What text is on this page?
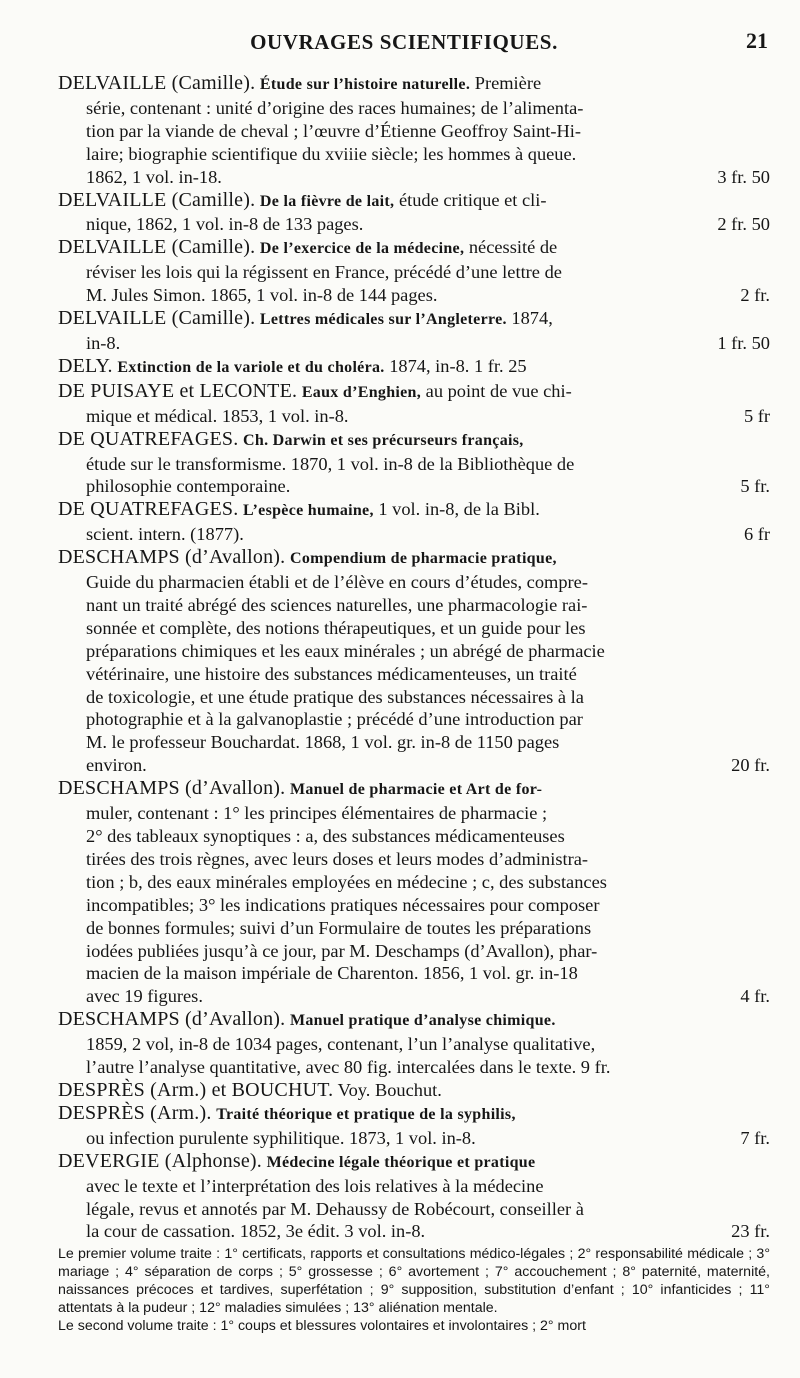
OUVRAGES SCIENTIFIQUES.	21
DELVAILLE (Camille). Étude sur l’histoire naturelle. Première
série, contenant : unité d’origine des races humaines; de l’alimenta-
tion par la viande de cheval ; l’œuvre d’Étienne Geoffroy Saint-Hi-
laire; biographie scientifique du xviiie siècle; les hommes à queue.
1862, 1 vol. in-18.	3 fr. 50
DELVAILLE (Camille). De la fièvre de lait, étude critique et cli-
nique, 1862, 1 vol. in-8 de 133 pages.	2 fr. 50
DELVAILLE (Camille). De l’exercice de la médecine, nécessité de
réviser les lois qui la régissent en France, précédé d’une lettre de
M. Jules Simon. 1865, 1 vol. in-8 de 144 pages.	2 fr.
DELVAILLE (Camille). Lettres médicales sur l’Angleterre. 1874,
in-8.	1 fr. 50
DELY. Extinction de la variole et du choléra. 1874, in-8. 1 fr. 25
DE PUISAYE et LECONTE. Eaux d’Enghien, au point de vue chi-
mique et médical. 1853, 1 vol. in-8.	5 fr
DE QUATREFAGES. Ch. Darwin et ses précurseurs français,
étude sur le transformisme. 1870, 1 vol. in-8 de la Bibliothèque de
philosophie contemporaine.	5 fr.
DE QUATREFAGES. L’espèce humaine, 1 vol. in-8, de la Bibl.
scient. intern. (1877).	6 fr
DESCHAMPS (d’Avallon). Compendium de pharmacie pratique,
Guide du pharmacien établi et de l’élève en cours d’études, compre-
nant un traité abrégé des sciences naturelles, une pharmacologie rai-
sonnée et complète, des notions thérapeutiques, et un guide pour les
préparations chimiques et les eaux minérales ; un abrégé de pharmacie
vétérinaire, une histoire des substances médicamenteuses, un traité
de toxicologie, et une étude pratique des substances nécessaires à la
photographie et à la galvanoplastie ; précédé d’une introduction par
M. le professeur Bouchardat. 1868, 1 vol. gr. in-8 de 1150 pages
environ.	20 fr.
DESCHAMPS (d’Avallon). Manuel de pharmacie et Art de for-
muler, contenant : 1° les principes élémentaires de pharmacie ;
2° des tableaux synoptiques : a, des substances médicamenteuses
tirées des trois règnes, avec leurs doses et leurs modes d’administra-
tion ; b, des eaux minérales employées en médecine ; c, des substances
incompatibles; 3° les indications pratiques nécessaires pour composer
de bonnes formules; suivi d’un Formulaire de toutes les préparations
iodées publiées jusqu’à ce jour, par M. Deschamps (d’Avallon), phar-
macien de la maison impériale de Charenton. 1856, 1 vol. gr. in-18
avec 19 figures.	4 fr.
DESCHAMPS (d’Avallon). Manuel pratique d’analyse chimique.
1859, 2 vol, in-8 de 1034 pages, contenant, l’un l’analyse qualitative,
l’autre l’analyse quantitative, avec 80 fig. intercalées dans le texte. 9 fr.
DESPRÈS (Arm.) et BOUCHUT. Voy. Bouchut.
DESPRÈS (Arm.). Traité théorique et pratique de la syphilis,
ou infection purulente syphilitique. 1873, 1 vol. in-8.	7 fr.
DEVERGIE (Alphonse). Médecine légale théorique et pratique
avec le texte et l’interprétation des lois relatives à la médecine
légale, revus et annotés par M. Dehaussy de Robécourt, conseiller à
la cour de cassation. 1852, 3e édit. 3 vol. in-8.	23 fr.

Le premier volume traite : 1° certificats, rapports et consultations médico-légales ; 2° responsabilité médicale ; 3° mariage ; 4° séparation de corps ; 5° grossesse ; 6° avortement ; 7° accouchement ; 8° paternité, maternité, naissances précoces et tardives, superfétation ; 9° supposition, substitution d’enfant ; 10° infanticides ; 11° attentats à la pudeur ; 12° maladies simulées ; 13° aliénation mentale.

Le second volume traite : 1° coups et blessures volontaires et involontaires ; 2° mort
